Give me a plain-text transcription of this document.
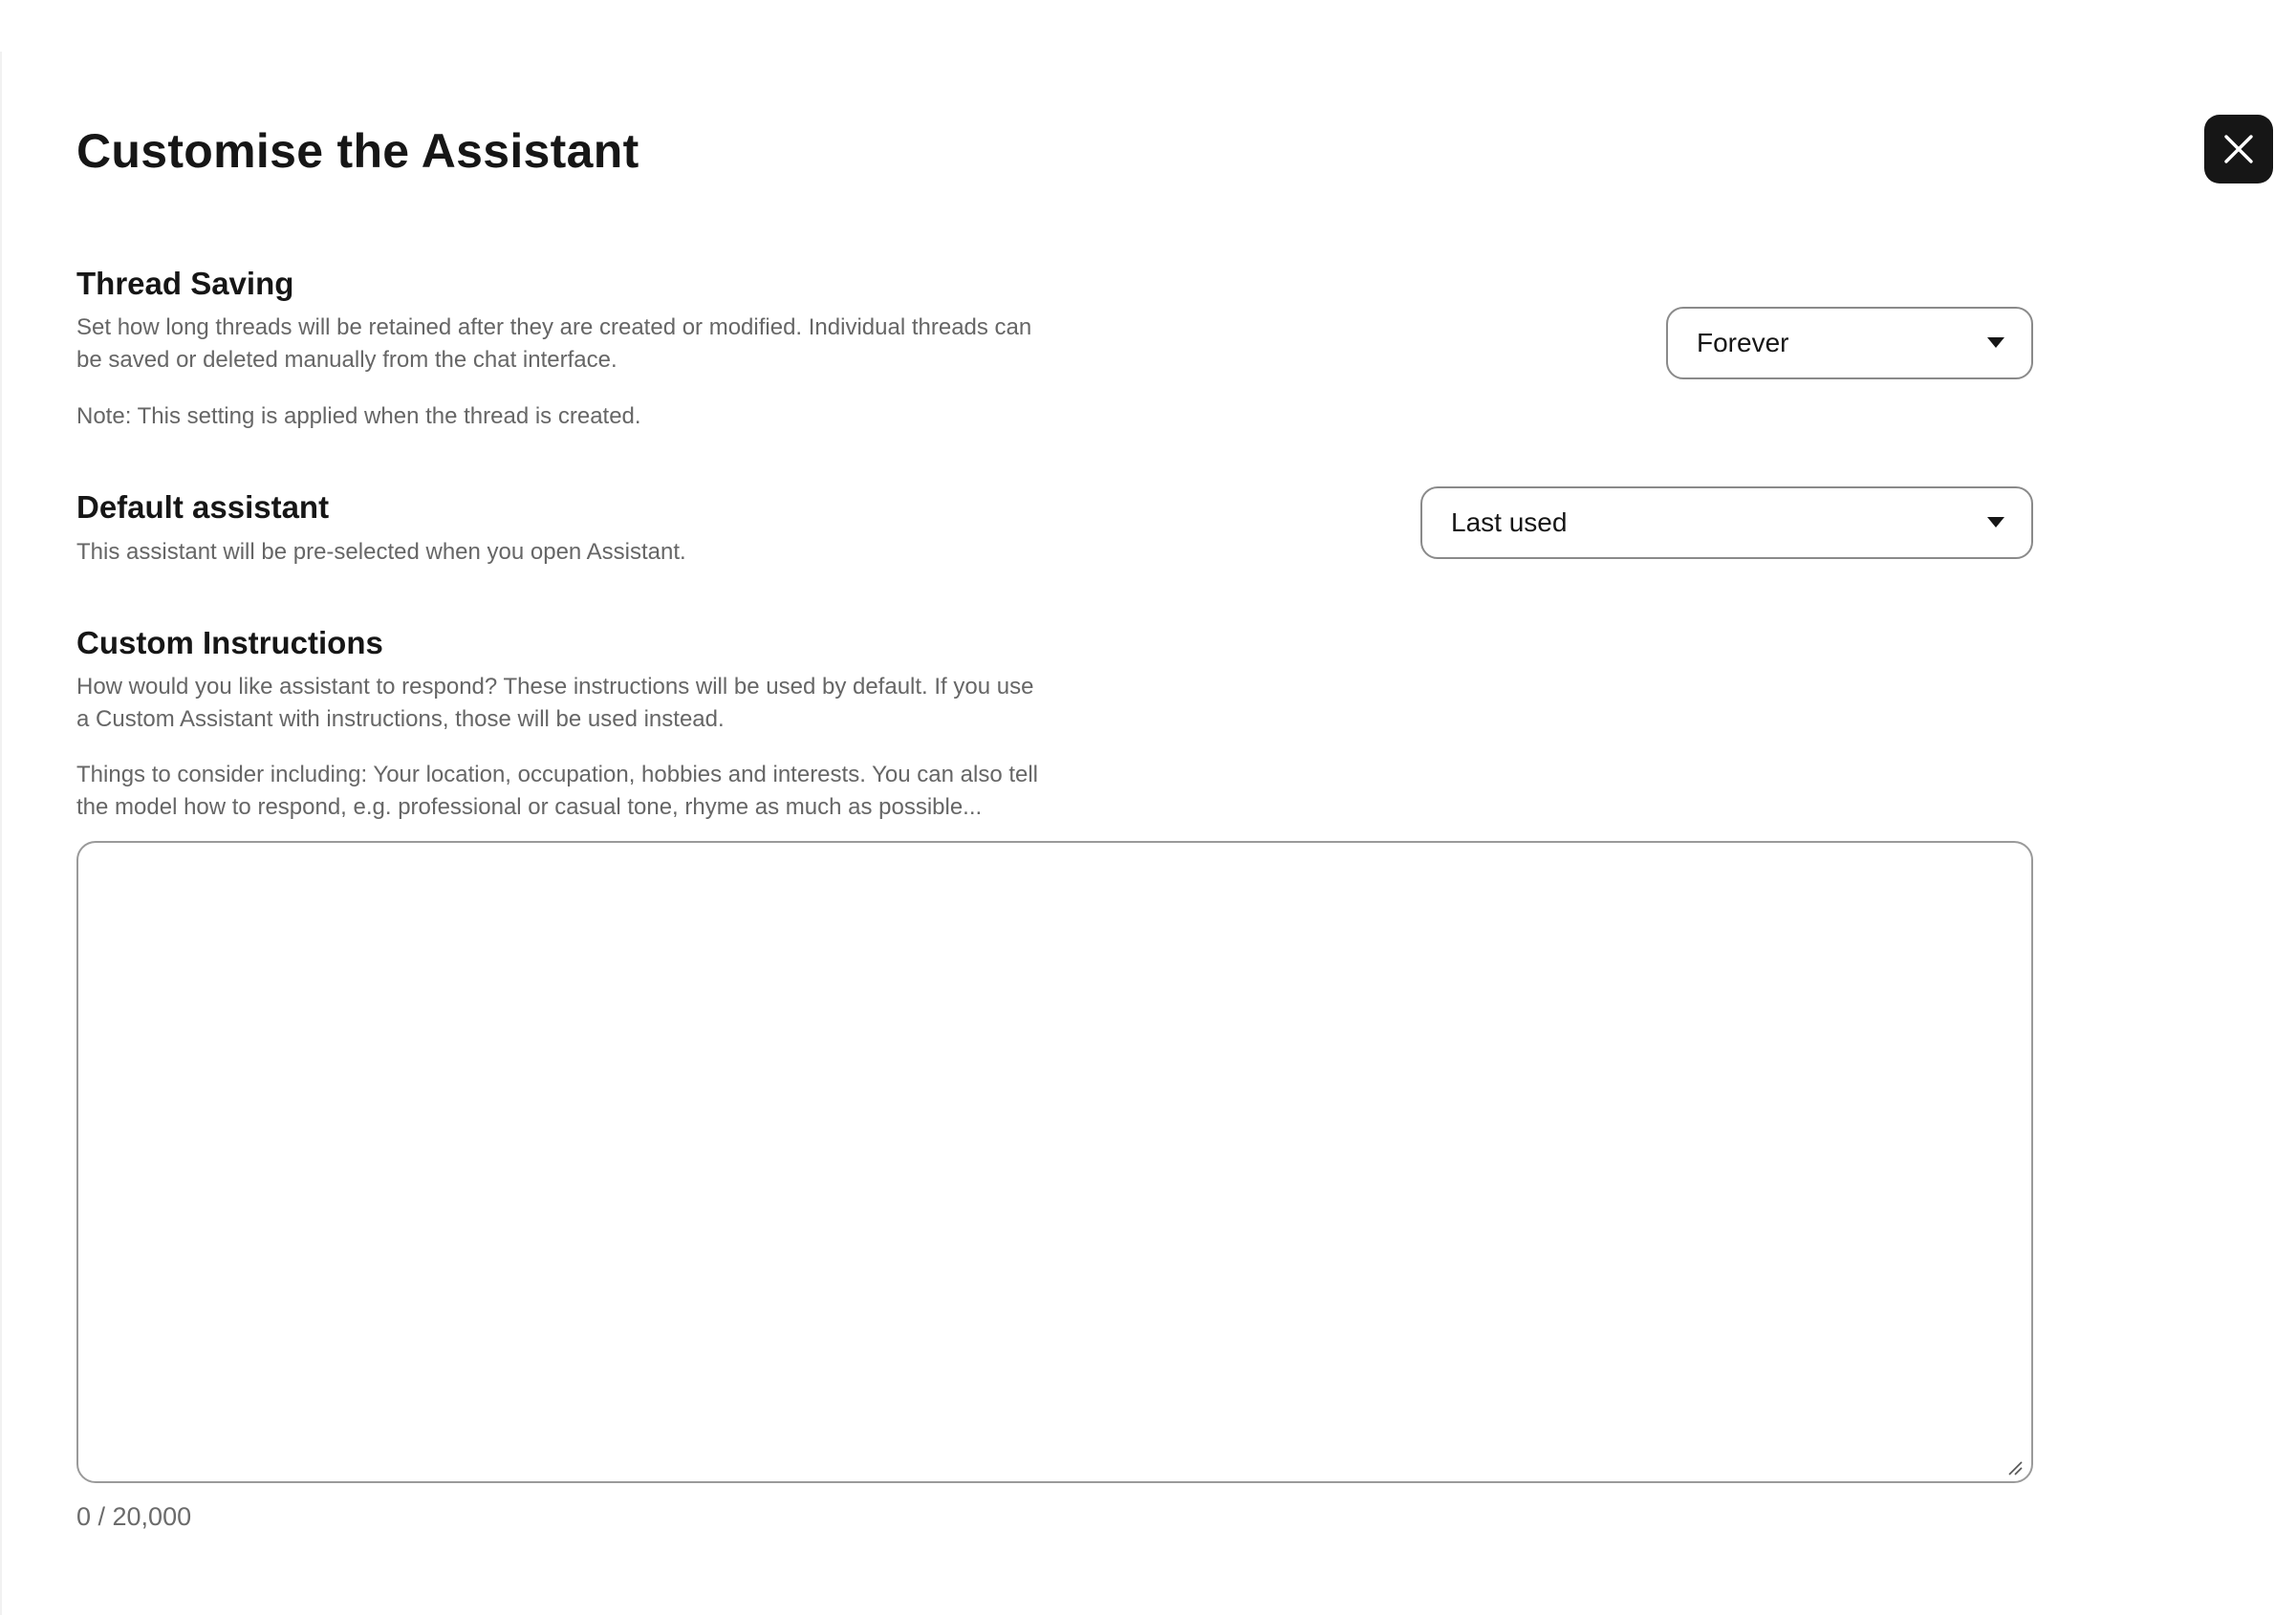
Customise the Assistant
Thread Saving

Set how long threads will be retained after they are created or modified. Individual threads can be saved or deleted manually from the chat interface.

Note: This setting is applied when the thread is created.

Forever
Default assistant

This assistant will be pre-selected when you open Assistant.

Last used
Custom Instructions

How would you like assistant to respond? These instructions will be used by default. If you use a Custom Assistant with instructions, those will be used instead.

Things to consider including: Your location, occupation, hobbies and interests. You can also tell the model how to respond, e.g. professional or casual tone, rhyme as much as possible...

0 / 20,000
